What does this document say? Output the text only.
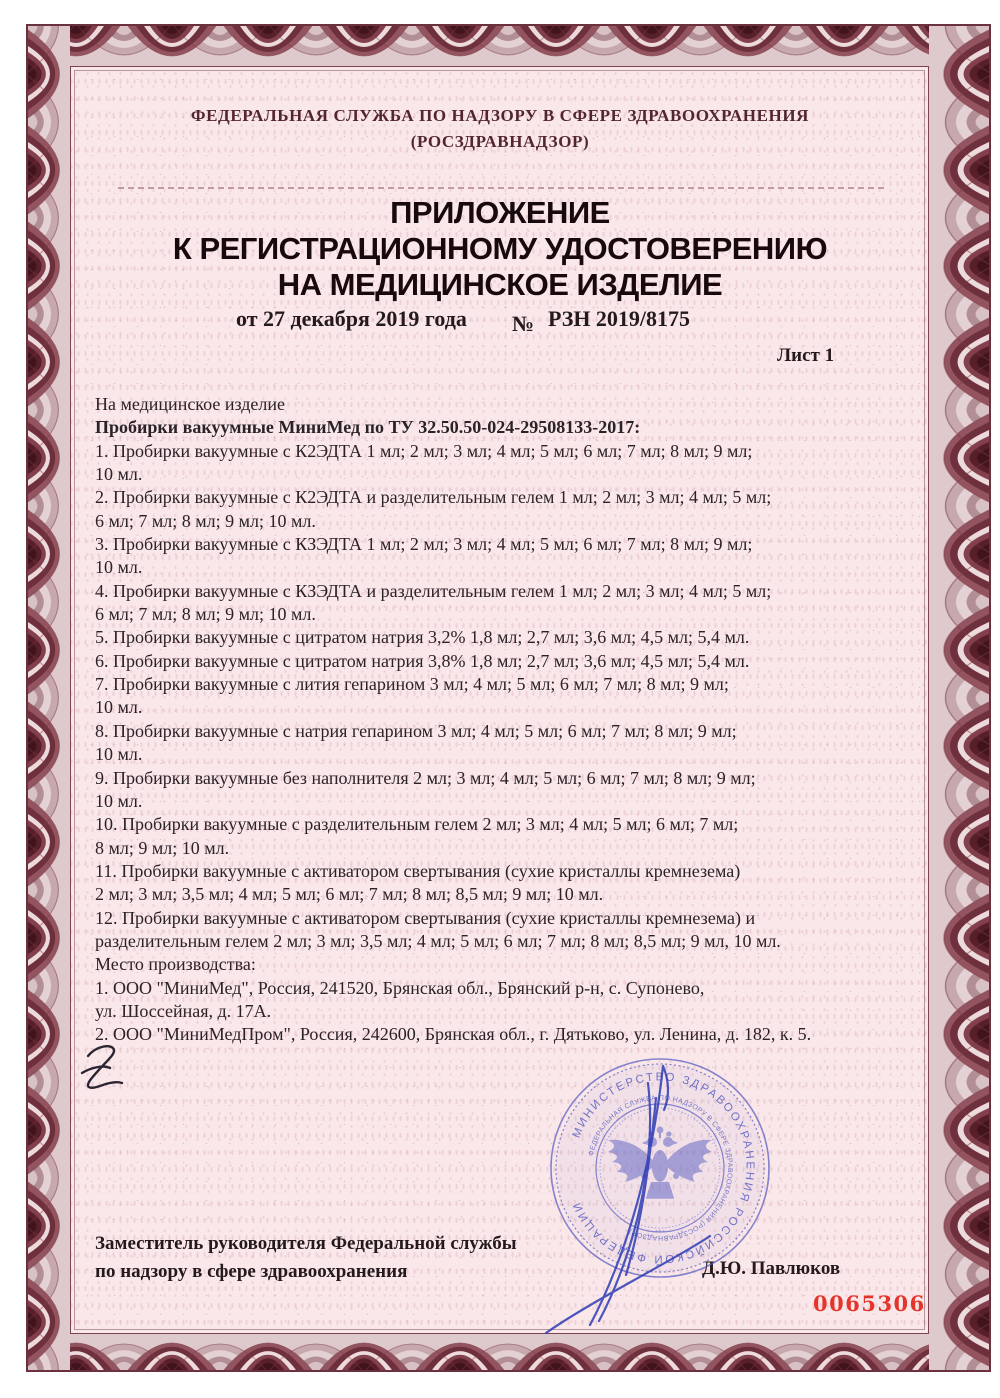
ФЕДЕРАЛЬНАЯ СЛУЖБА ПО НАДЗОРУ В СФЕРЕ ЗДРАВООХРАНЕНИЯ
(РОСЗДРАВНАДЗОР)
ПРИЛОЖЕНИЕ
К РЕГИСТРАЦИОННОМУ УДОСТОВЕРЕНИЮ
НА МЕДИЦИНСКОЕ ИЗДЕЛИЕ
от 27 декабря 2019 года № РЗН 2019/8175
Лист 1
На медицинское изделие
Пробирки вакуумные МиниМед по ТУ 32.50.50-024-29508133-2017:
1. Пробирки вакуумные с К2ЭДТА 1 мл; 2 мл; 3 мл; 4 мл; 5 мл; 6 мл; 7 мл; 8 мл; 9 мл;
10 мл.
2. Пробирки вакуумные с К2ЭДТА и разделительным гелем 1 мл; 2 мл; 3 мл; 4 мл; 5 мл;
6 мл; 7 мл; 8 мл; 9 мл; 10 мл.
3. Пробирки вакуумные с КЗЭДТА 1 мл; 2 мл; 3 мл; 4 мл; 5 мл; 6 мл; 7 мл; 8 мл; 9 мл;
10 мл.
4. Пробирки вакуумные с КЗЭДТА и разделительным гелем 1 мл; 2 мл; 3 мл; 4 мл; 5 мл;
6 мл; 7 мл; 8 мл; 9 мл; 10 мл.
5. Пробирки вакуумные с цитратом натрия 3,2% 1,8 мл; 2,7 мл; 3,6 мл; 4,5 мл; 5,4 мл.
6. Пробирки вакуумные с цитратом натрия 3,8% 1,8 мл; 2,7 мл; 3,6 мл; 4,5 мл; 5,4 мл.
7. Пробирки вакуумные с лития гепарином 3 мл; 4 мл; 5 мл; 6 мл; 7 мл; 8 мл; 9 мл;
10 мл.
8. Пробирки вакуумные с натрия гепарином 3 мл; 4 мл; 5 мл; 6 мл; 7 мл; 8 мл; 9 мл;
10 мл.
9. Пробирки вакуумные без наполнителя 2 мл; 3 мл; 4 мл; 5 мл; 6 мл; 7 мл; 8 мл; 9 мл;
10 мл.
10. Пробирки вакуумные с разделительным гелем 2 мл; 3 мл; 4 мл; 5 мл; 6 мл; 7 мл;
8 мл; 9 мл; 10 мл.
11. Пробирки вакуумные с активатором свертывания (сухие кристаллы кремнезема)
2 мл; 3 мл; 3,5 мл; 4 мл; 5 мл; 6 мл; 7 мл; 8 мл; 8,5 мл; 9 мл; 10 мл.
12. Пробирки вакуумные с активатором свертывания (сухие кристаллы кремнезема) и
разделительным гелем 2 мл; 3 мл; 3,5 мл; 4 мл; 5 мл; 6 мл; 7 мл; 8 мл; 8,5 мл; 9 мл, 10 мл.
Место производства:
1. ООО "МиниМед", Россия, 241520, Брянская обл., Брянский р-н, с. Супонево,
ул. Шоссейная, д. 17А.
2. ООО "МиниМедПром", Россия, 242600, Брянская обл., г. Дятьково, ул. Ленина, д. 182, к. 5.
Заместитель руководителя Федеральной службы
по надзору в сфере здравоохранения	Д.Ю. Павлюков
0065306
МИНИСТЕРСТВО ЗДРАВООХРАНЕНИЯ РОССИЙСКОЙ ФЕДЕРАЦИИ
ФЕДЕРАЛЬНАЯ СЛУЖБА ПО НАДЗОРУ В СФЕРЕ ЗДРАВООХРАНЕНИЯ (РОСЗДРАВНАДЗОР)	* * *
